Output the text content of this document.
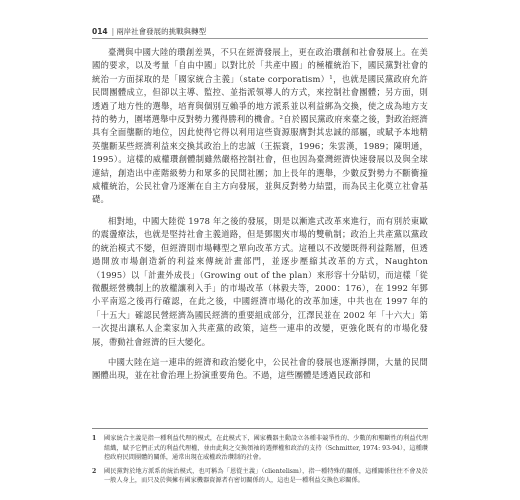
014 | 兩岸社會發展的挑戰與轉型

臺灣與中國大陸的瓚創差異，不只在經濟發展上，更在政治瓚創和社會發展上。在美國的要求，以及考量「自由中國」以對比於「共產中國」的極權統治下，國民黨對社會的統治一方面採取的是「國家統合主義」（state corporatism）$^1$，也就是國民黨政府允許民間團體成立，但卻以主導、監控、並指派領導人的方式，來控制社會團體；另方面，則透過了地方性的選舉，培育與個別互賴爭的地方派系並以利益綁為交換，使之成為地方支持的勢力，圍堵選舉中反對勢力獲得勝利的機會。$^2$自於國民黨政府來臺之後，對政治經濟具有全面壟斷的地位，因此使得它得以利用這些資源服膺對其忠誠的部屬，或賦予本地精英壟斷某些經濟利益來交換其政治上的忠誠（王振寰，1996；朱雲漢，1989；陳明通，1995）。這樣的威權瓚創體制雖然嚴格控制社會，但也因為臺灣經濟快速發展以及與全球連結，創造出中產階級勢力和眾多的民間社團；加上長年的選舉，少數反對勢力不斷衝撞威權統治，公民社會乃逐漸在自主方向發展，並與反對勢力結盟，而為民主化奠立社會基礎。

相對地，中國大陸從 1978 年之後的發展，則是以漸進式改革來進行，而有別於東歐的震盪療法，也就是堅持社會主義道路，但是鄧閣夾市場的雙軌制；政治上共產黨以黨政的統治模式不變，但經濟則市場轉型之單向改革方式。這種以不改變既得利益階層，但透過開放市場創造新的利益來傳統計畫部門，並逐步壓縮其改革的方式，Naughton（1995）以「計畫外成長」（Growing out of the plan）來形容十分貼切，而這樣「從微觀經營機制上的放權讓利入手」的市場改革（林毅夫等，2000：176），在 1992 年鄧小平南巡之後再行確認，在此之後，中國經濟市場化的改革加速，中共也在 1997 年的「十五大」確認民營經濟為國民經濟的重要組成部分，江澤民並在 2002 年「十六大」第一次提出讓私人企業家加入共產黨的政策，這些一連串的改變，更強化既有的市場化發展，帶動社會經濟的巨大變化。

中國大陸在這一連串的經濟和政治變化中，公民社會的發展也逐漸掙開，大量的民間團體出現，並在社會治理上扮演重要角色。不過，這些團體是透過民政部和

1	國家統合主義是指一種利益代理的模式，在此模式下，國家機器主動設立各種非競爭性的、少數的和壟斷性的利益代理組織，賦予它們正式的利益代理權，並由此與之交換領袖的選擇權和政治的支持（Schmitter, 1974: 93-94），這種瓚控政府民間團體的關係，通常出現在威權政治瓚制的社會。
2	國民黨對於地方派系的統治模式，也可稱為「恩從主義」（clientelism），指一種特殊的關係，這種關係往往不會及於一般人身上，而只及於與擁有國家機器資源者有密切關係的人，這也是一種利益交換色彩關係。
